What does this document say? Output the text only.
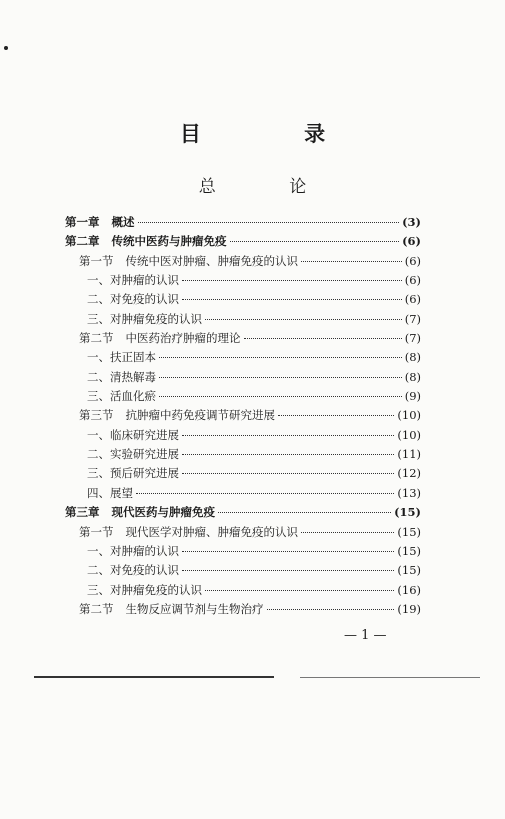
目 录
总 论
第一章 概述	(3)
第二章 传统中医药与肿瘤免疫	(6)
第一节 传统中医对肿瘤、肿瘤免疫的认识	(6)
一、对肿瘤的认识	(6)
二、对免疫的认识	(6)
三、对肿瘤免疫的认识	(7)
第二节 中医药治疗肿瘤的理论	(7)
一、扶正固本	(8)
二、清热解毒	(8)
三、活血化瘀	(9)
第三节 抗肿瘤中药免疫调节研究进展	(10)
一、临床研究进展	(10)
二、实验研究进展	(11)
三、预后研究进展	(12)
四、展望	(13)
第三章 现代医药与肿瘤免疫	(15)
第一节 现代医学对肿瘤、肿瘤免疫的认识	(15)
一、对肿瘤的认识	(15)
二、对免疫的认识	(15)
三、对肿瘤免疫的认识	(16)
第二节 生物反应调节剂与生物治疗	(19)
— 1 —
